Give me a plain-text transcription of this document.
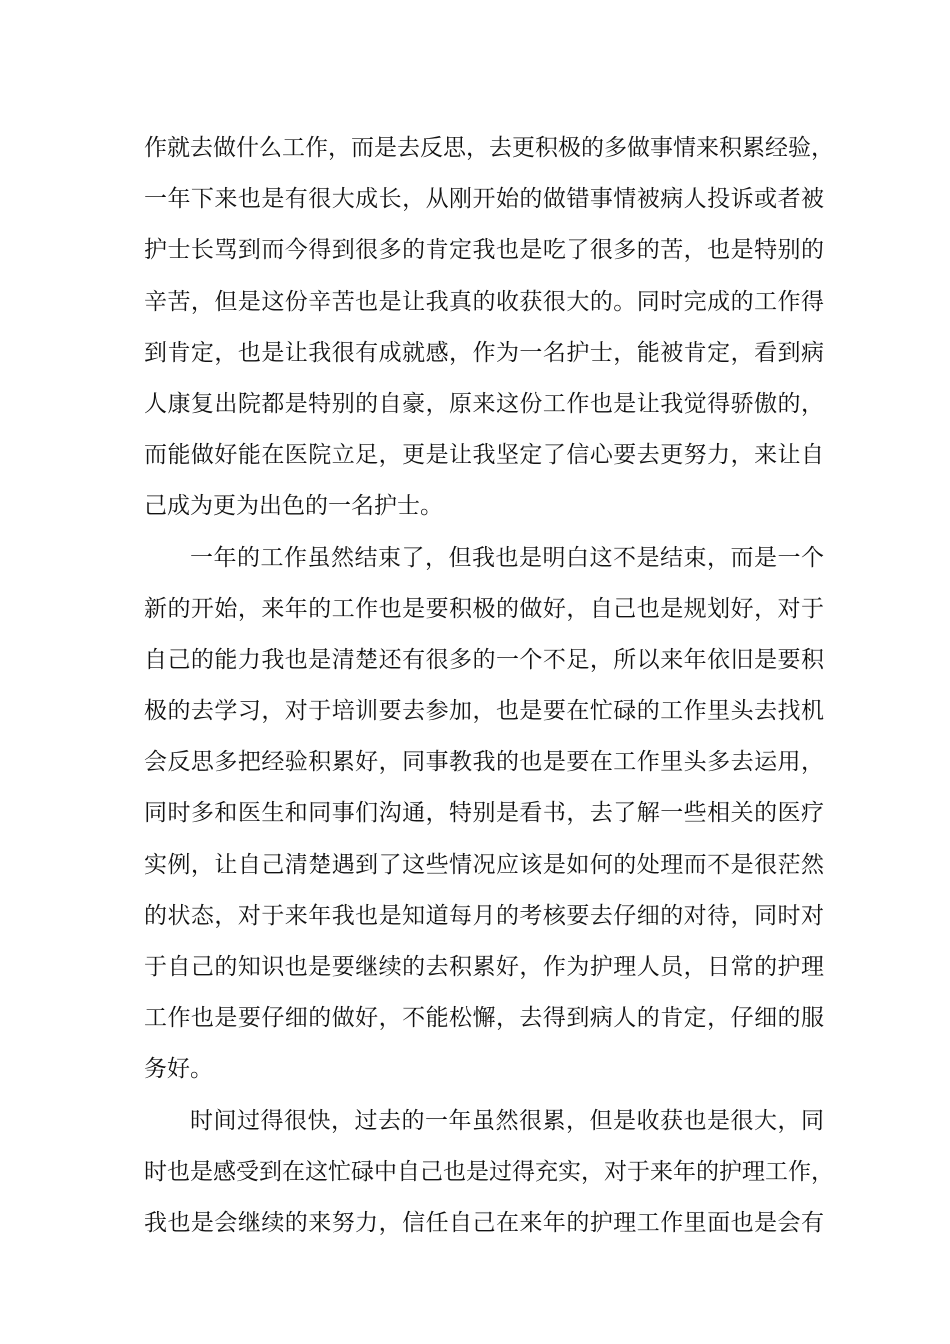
作就去做什么工作，而是去反思，去更积极的多做事情来积累经验，
一年下来也是有很大成长，从刚开始的做错事情被病人投诉或者被
护士长骂到而今得到很多的肯定我也是吃了很多的苦，也是特别的
辛苦，但是这份辛苦也是让我真的收获很大的。同时完成的工作得
到肯定，也是让我很有成就感，作为一名护士，能被肯定，看到病
人康复出院都是特别的自豪，原来这份工作也是让我觉得骄傲的，
而能做好能在医院立足，更是让我坚定了信心要去更努力，来让自
己成为更为出色的一名护士。
一年的工作虽然结束了，但我也是明白这不是结束，而是一个
新的开始，来年的工作也是要积极的做好，自己也是规划好，对于
自己的能力我也是清楚还有很多的一个不足，所以来年依旧是要积
极的去学习，对于培训要去参加，也是要在忙碌的工作里头去找机
会反思多把经验积累好，同事教我的也是要在工作里头多去运用，
同时多和医生和同事们沟通，特别是看书，去了解一些相关的医疗
实例，让自己清楚遇到了这些情况应该是如何的处理而不是很茫然
的状态，对于来年我也是知道每月的考核要去仔细的对待，同时对
于自己的知识也是要继续的去积累好，作为护理人员，日常的护理
工作也是要仔细的做好，不能松懈，去得到病人的肯定，仔细的服
务好。
时间过得很快，过去的一年虽然很累，但是收获也是很大，同
时也是感受到在这忙碌中自己也是过得充实，对于来年的护理工作，
我也是会继续的来努力，信任自己在来年的护理工作里面也是会有
